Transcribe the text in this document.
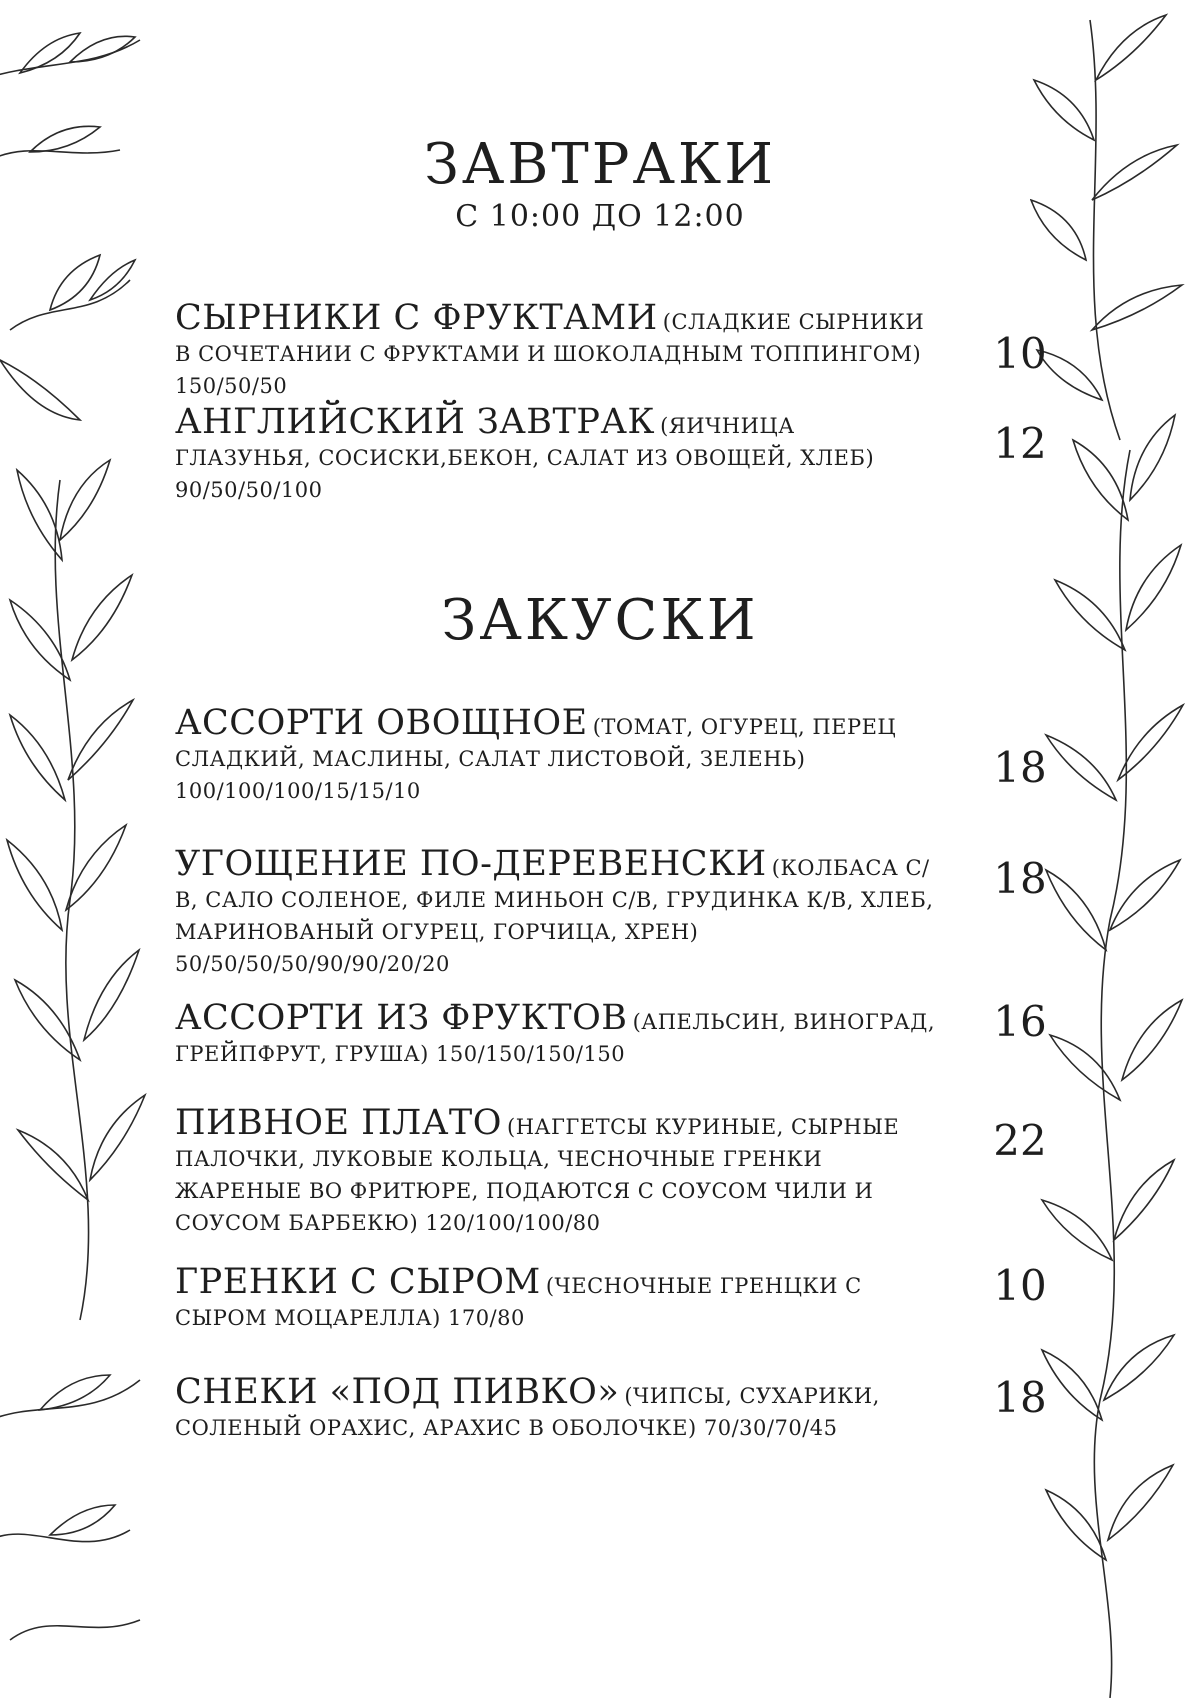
ЗАВТРАКИ
С 10:00 ДО 12:00

СЫРНИКИ С ФРУКТАМИ (СЛАДКИЕ СЫРНИКИ В СОЧЕТАНИИ С ФРУКТАМИ И ШОКОЛАДНЫМ ТОППИНГОМ) 150/50/50

10

АНГЛИЙСКИЙ ЗАВТРАК (ЯИЧНИЦА ГЛАЗУНЬЯ, СОСИСКИ,БЕКОН, САЛАТ ИЗ ОВОЩЕЙ, ХЛЕБ) 90/50/50/100

12

ЗАКУСКИ

АССОРТИ ОВОЩНОЕ (ТОМАТ, ОГУРЕЦ, ПЕРЕЦ СЛАДКИЙ, МАСЛИНЫ, САЛАТ ЛИСТОВОЙ, ЗЕЛЕНЬ) 100/100/100/15/15/10	18

УГОЩЕНИЕ ПО-ДЕРЕВЕНСКИ (КОЛБАСА С/В, САЛО СОЛЕНОЕ, ФИЛЕ МИНЬОН С/В, ГРУДИНКА К/В, ХЛЕБ, МАРИНОВАНЫЙ ОГУРЕЦ, ГОРЧИЦА, ХРЕН) 50/50/50/50/90/90/20/20

18

АССОРТИ ИЗ ФРУКТОВ (АПЕЛЬСИН, ВИНОГРАД, ГРЕЙПФРУТ, ГРУША) 150/150/150/150

16

ПИВНОЕ ПЛАТО (НАГГЕТСЫ КУРИНЫЕ, СЫРНЫЕ ПАЛОЧКИ, ЛУКОВЫЕ КОЛЬЦА, ЧЕСНОЧНЫЕ ГРЕНКИ ЖАРЕНЫЕ ВО ФРИТЮРЕ, ПОДАЮТСЯ С СОУСОМ ЧИЛИ И СОУСОМ БАРБЕКЮ) 120/100/100/80

22

ГРЕНКИ С СЫРОМ (ЧЕСНОЧНЫЕ ГРЕНЦКИ С СЫРОМ МОЦАРЕЛЛА) 170/80

10

СНЕКИ «ПОД ПИВКО» (ЧИПСЫ, СУХАРИКИ, СОЛЕНЫЙ ОРАХИС, АРАХИС В ОБОЛОЧКЕ) 70/30/70/45

18
